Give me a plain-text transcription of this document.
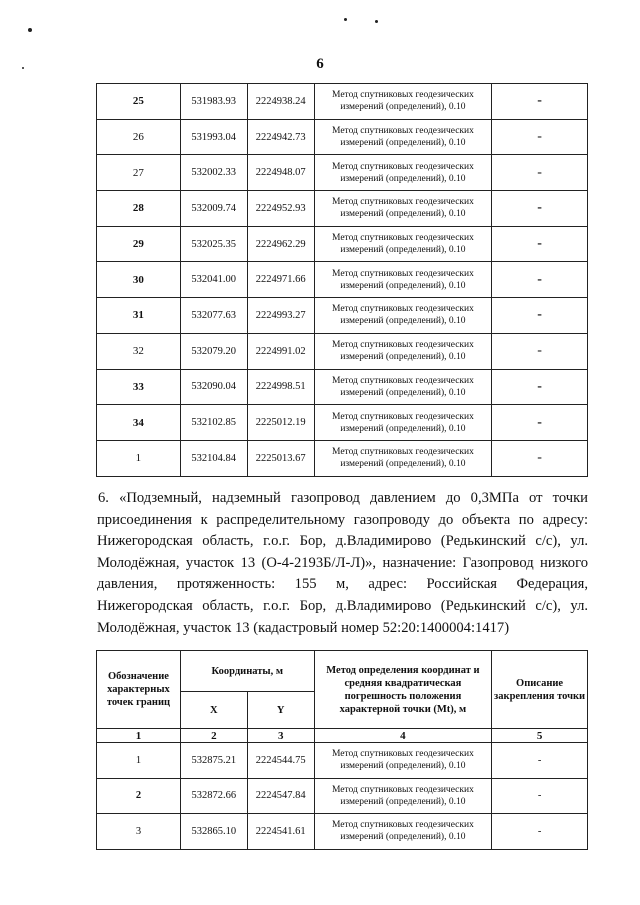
6
25	531983.93	2224938.24	Метод спутниковых геодезических измерений (определений), 0.10	-
26	531993.04	2224942.73	Метод спутниковых геодезических измерений (определений), 0.10	-
27	532002.33	2224948.07	Метод спутниковых геодезических измерений (определений), 0.10	-
28	532009.74	2224952.93	Метод спутниковых геодезических измерений (определений), 0.10	-
29	532025.35	2224962.29	Метод спутниковых геодезических измерений (определений), 0.10	-
30	532041.00	2224971.66	Метод спутниковых геодезических измерений (определений), 0.10	-
31	532077.63	2224993.27	Метод спутниковых геодезических измерений (определений), 0.10	-
32	532079.20	2224991.02	Метод спутниковых геодезических измерений (определений), 0.10	-
33	532090.04	2224998.51	Метод спутниковых геодезических измерений (определений), 0.10	-
34	532102.85	2225012.19	Метод спутниковых геодезических измерений (определений), 0.10	-
1	532104.84	2225013.67	Метод спутниковых геодезических измерений (определений), 0.10	-
6. «Подземный, надземный газопровод давлением до 0,3МПа от точки присоединения к распределительному газопроводу до объекта по адресу: Нижегородская область, г.о.г. Бор, д.Владимирово (Редькинский с/с), ул. Молодёжная, участок 13 (О-4-2193Б/Л-Л)», назначение: Газопровод низкого давления, протяженность: 155 м, адрес: Российская Федерация, Нижегородская область, г.о.г. Бор, д.Владимирово (Редькинский с/с), ул. Молодёжная, участок 13 (кадастровый номер 52:20:1400004:1417)
Обозначение характерных точек границ	Координаты, м		Метод определения координат и средняя квадратическая погрешность положения характерной точки (Mt), м	Описание закрепления точки
	X	Y		
1	2	3	4	5
1	532875.21	2224544.75	Метод спутниковых геодезических измерений (определений), 0.10	-
2	532872.66	2224547.84	Метод спутниковых геодезических измерений (определений), 0.10	-
3	532865.10	2224541.61	Метод спутниковых геодезических измерений (определений), 0.10	-
